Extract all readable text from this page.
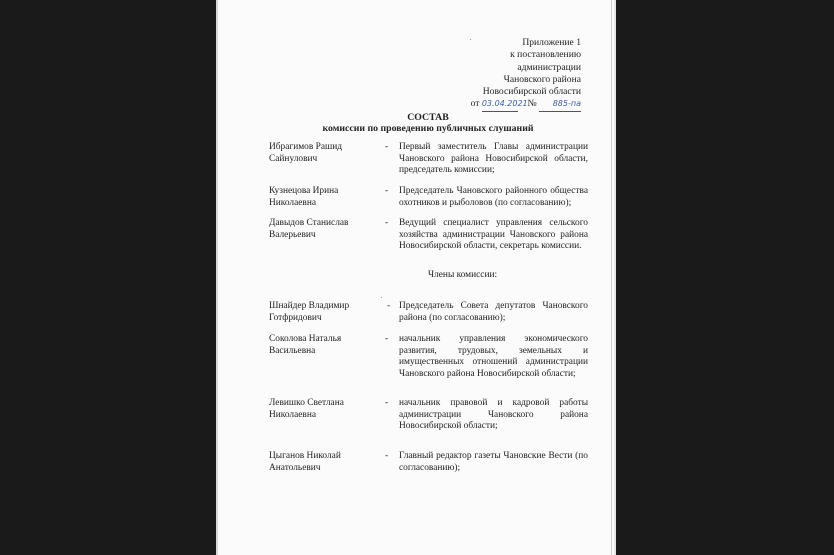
Приложение 1
к постановлению
администрации
Чановского района
Новосибирской области
от 03.04.2021    № 885-па
СОСТАВ
комиссии по проведению публичных слушаний
Ибрагимов Рашид Сайнулович
- Первый заместитель Главы администрации Чановского района Новосибирской области, председатель комиссии;
Кузнецова Ирина Николаевна
- Председатель Чановского районного общества охотников и рыболовов (по согласованию);
Давыдов Станислав Валерьевич
- Ведущий специалист управления сельского хозяйства администрации Чановского района Новосибирской области, секретарь комиссии.
Члены комиссии:
Шнайдер Владимир Готфридович
- Председатель Совета депутатов Чановского района (по согласованию);
Соколова Наталья Васильевна
- начальник управления экономического развития, трудовых, земельных и имущественных отношений администрации Чановского района Новосибирской области;
Левишко Светлана Николаевна
- начальник правовой и кадровой работы администрации Чановского района Новосибирской области;
Цыганов Николай Анатольевич
- Главный редактор газеты Чановские Вести (по согласованию);
